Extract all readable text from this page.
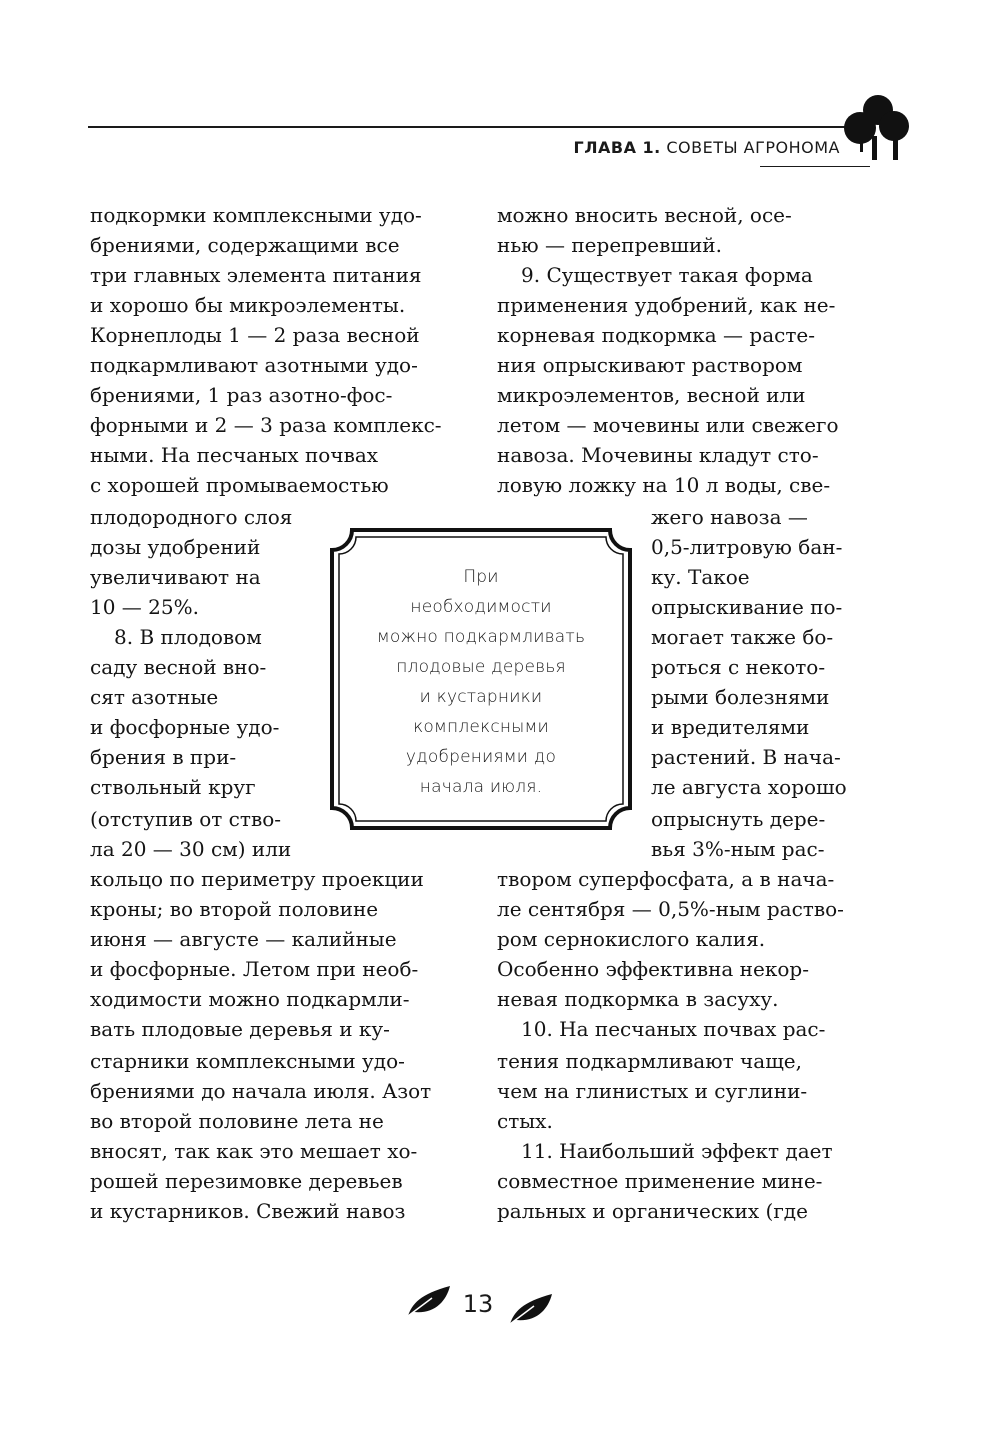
ГЛАВА 1. СОВЕТЫ АГРОНОМА
подкормки комплексными удо-
брениями, содержащими все
три главных элемента питания
и хорошо бы микроэлементы.
Корнеплоды 1 — 2 раза весной
подкармливают азотными удо-
брениями, 1 раз азотно-фос-
форными и 2 — 3 раза комплекс-
ными. На песчаных почвах
с хорошей промываемостью
плодородного слоя
дозы удобрений
увеличивают на
10 — 25%.
8. В плодовом
саду весной вно-
сят азотные
и фосфорные удо-
брения в при-
ствольный круг
(отступив от ство-
ла 20 — 30 см) или
кольцо по периметру проекции
кроны; во второй половине
июня — августе — калийные
и фосфорные. Летом при необ-
ходимости можно подкармли-
вать плодовые деревья и ку-
старники комплексными удо-
брениями до начала июля. Азот
во второй половине лета не
вносят, так как это мешает хо-
рошей перезимовке деревьев
и кустарников. Свежий навоз
можно вносить весной, осе-
нью — перепревший.
9. Существует такая форма
применения удобрений, как не-
корневая подкормка — расте-
ния опрыскивают раствором
микроэлементов, весной или
летом — мочевины или свежего
навоза. Мочевины кладут сто-
ловую ложку на 10 л воды, све-
жего навоза —
0,5-литровую бан-
ку. Такое
опрыскивание по-
могает также бо-
роться с некото-
рыми болезнями
и вредителями
растений. В нача-
ле августа хорошо
опрыснуть дере-
вья 3%-ным рас-
твором суперфосфата, а в нача-
ле сентября — 0,5%-ным раство-
ром сернокислого калия.
Особенно эффективна некор-
невая подкормка в засуху.
10. На песчаных почвах рас-
тения подкармливают чаще,
чем на глинистых и суглини-
стых.
11. Наибольший эффект дает
совместное применение мине-
ральных и органических (где
При
необходимости
можно подкармливать
плодовые деревья
и кустарники
комплексными
удобрениями до
начала июля.
13
